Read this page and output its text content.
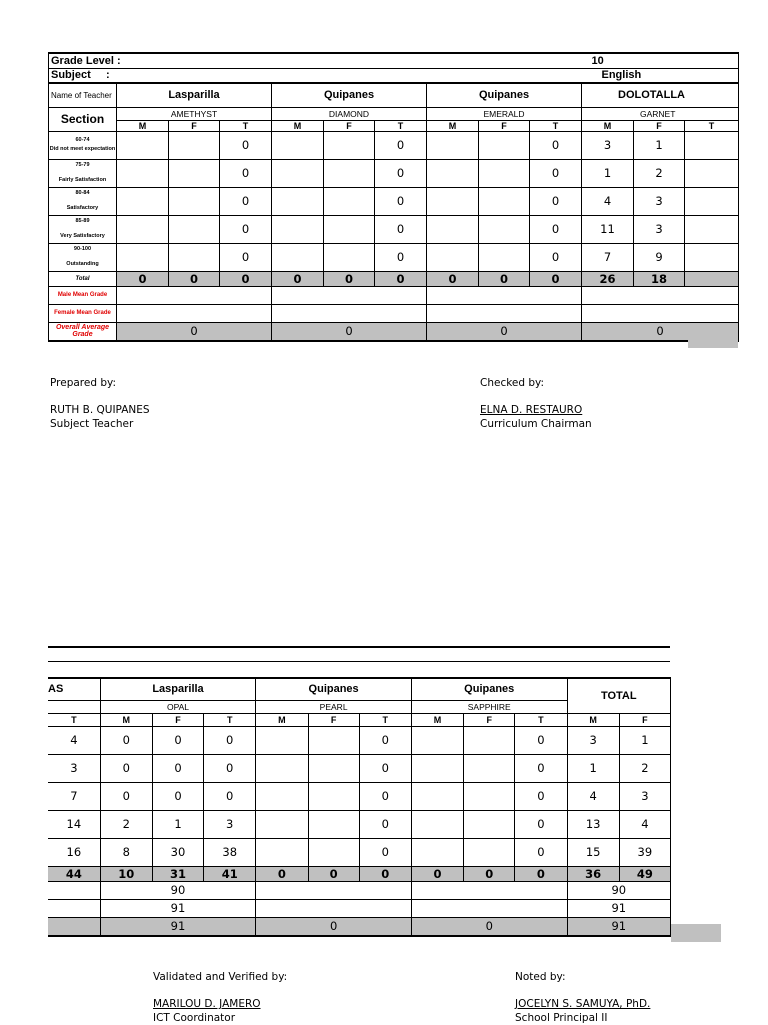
Grade Level :										10		
Subject     :										English		
Name of Teacher	Lasparilla			Quipanes			Quipanes			DOLOTALLA		
Section	AMETHYST			DIAMOND			EMERALD			GARNET		
	M	F	T	M	F	T	M	F	T	M	F	T

60-74
Did not meet expectation			0			0			0	3	1	

75-79
Fairly Satisfaction			0			0			0	1	2	

80-84
Satisfactory			0			0			0	4	3	

85-89
Very Satisfactory			0			0			0	11	3	

90-100
Outstanding			0			0			0	7	9	
Total	0	0	0	0	0	0	0	0	0	26	18	
Male Mean Grade												
Female Mean Grade												
Overall Average Grade	0			0			0			0		
Prepared by:
RUTH B. QUIPANES
Subject Teacher
Checked by:
ELNA D. RESTAURO
Curriculum Chairman
AS	Lasparilla			Quipanes			Quipanes			TOTAL	
	OPAL			PEARL			SAPPHIRE				
T	M	F	T	M	F	T	M	F	T	M	F
4	0	0	0			0			0	3	1
3	0	0	0			0			0	1	2
7	0	0	0			0			0	4	3
14	2	1	3			0			0	13	4
16	8	30	38			0			0	15	39
44	10	31	41	0	0	0	0	0	0	36	49
	90									90	
	91									91	
	91			0			0			91	
Validated and Verified by:
MARILOU D. JAMERO
ICT Coordinator
Noted by:
JOCELYN S. SAMUYA, PhD.
School Principal II
